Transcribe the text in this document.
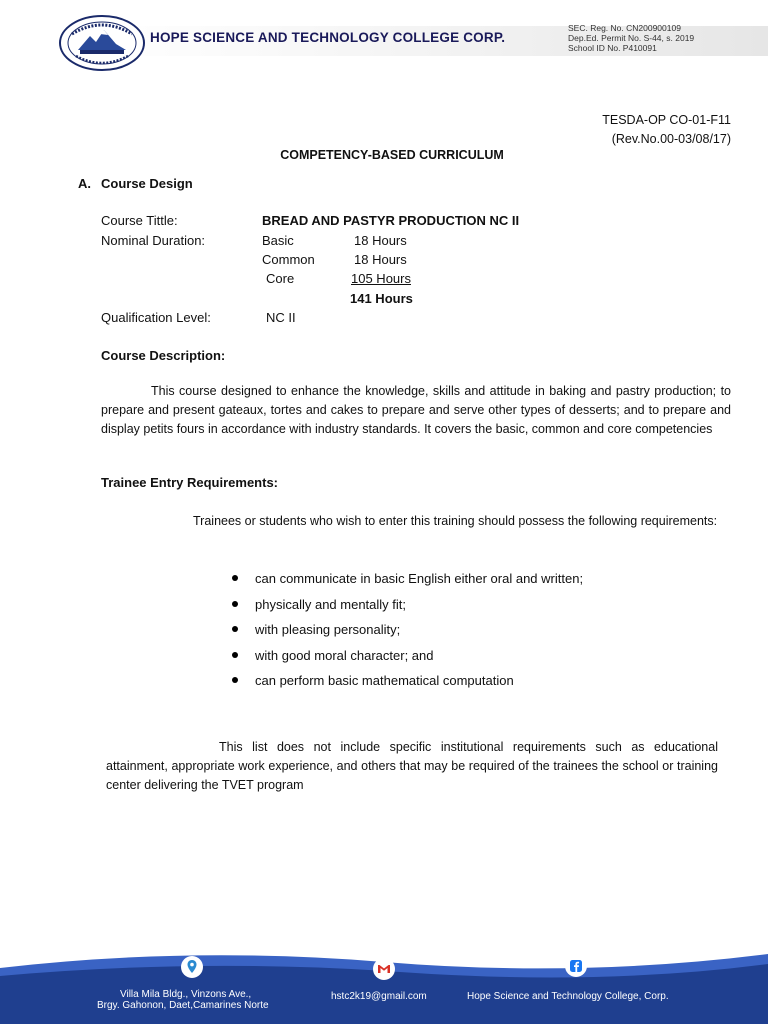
HOPE SCIENCE AND TECHNOLOGY COLLEGE CORP.
SEC. Reg. No. CN200900109
Dep.Ed. Permit No. S-44, s. 2019
School ID No. P410091
TESDA-OP CO-01-F11
(Rev.No.00-03/08/17)
COMPETENCY-BASED CURRICULUM
A. Course Design
Course Tittle:	BREAD AND PASTYR PRODUCTION NC II
Nominal Duration:	Basic	18 Hours
Common	18 Hours
Core	105 Hours
141 Hours
Qualification Level:	NC II
Course Description:
This course designed to enhance the knowledge, skills and attitude in baking and pastry production; to prepare and present gateaux, tortes and cakes to prepare and serve other types of desserts; and to prepare and display petits fours in accordance with industry standards. It covers the basic, common and core competencies
Trainee Entry Requirements:
Trainees or students who wish to enter this training should possess the following requirements:
can communicate in basic English either oral and written;
physically and mentally fit;
with pleasing personality;
with good moral character; and
can perform basic mathematical computation
This list does not include specific institutional requirements such as educational attainment, appropriate work experience, and others that may be required of the trainees the school or training center delivering the TVET program
Villa Mila Bldg., Vinzons Ave.,
Brgy. Gahonon, Daet,Camarines Norte
hstc2k19@gmail.com	Hope Science and Technology College, Corp.
